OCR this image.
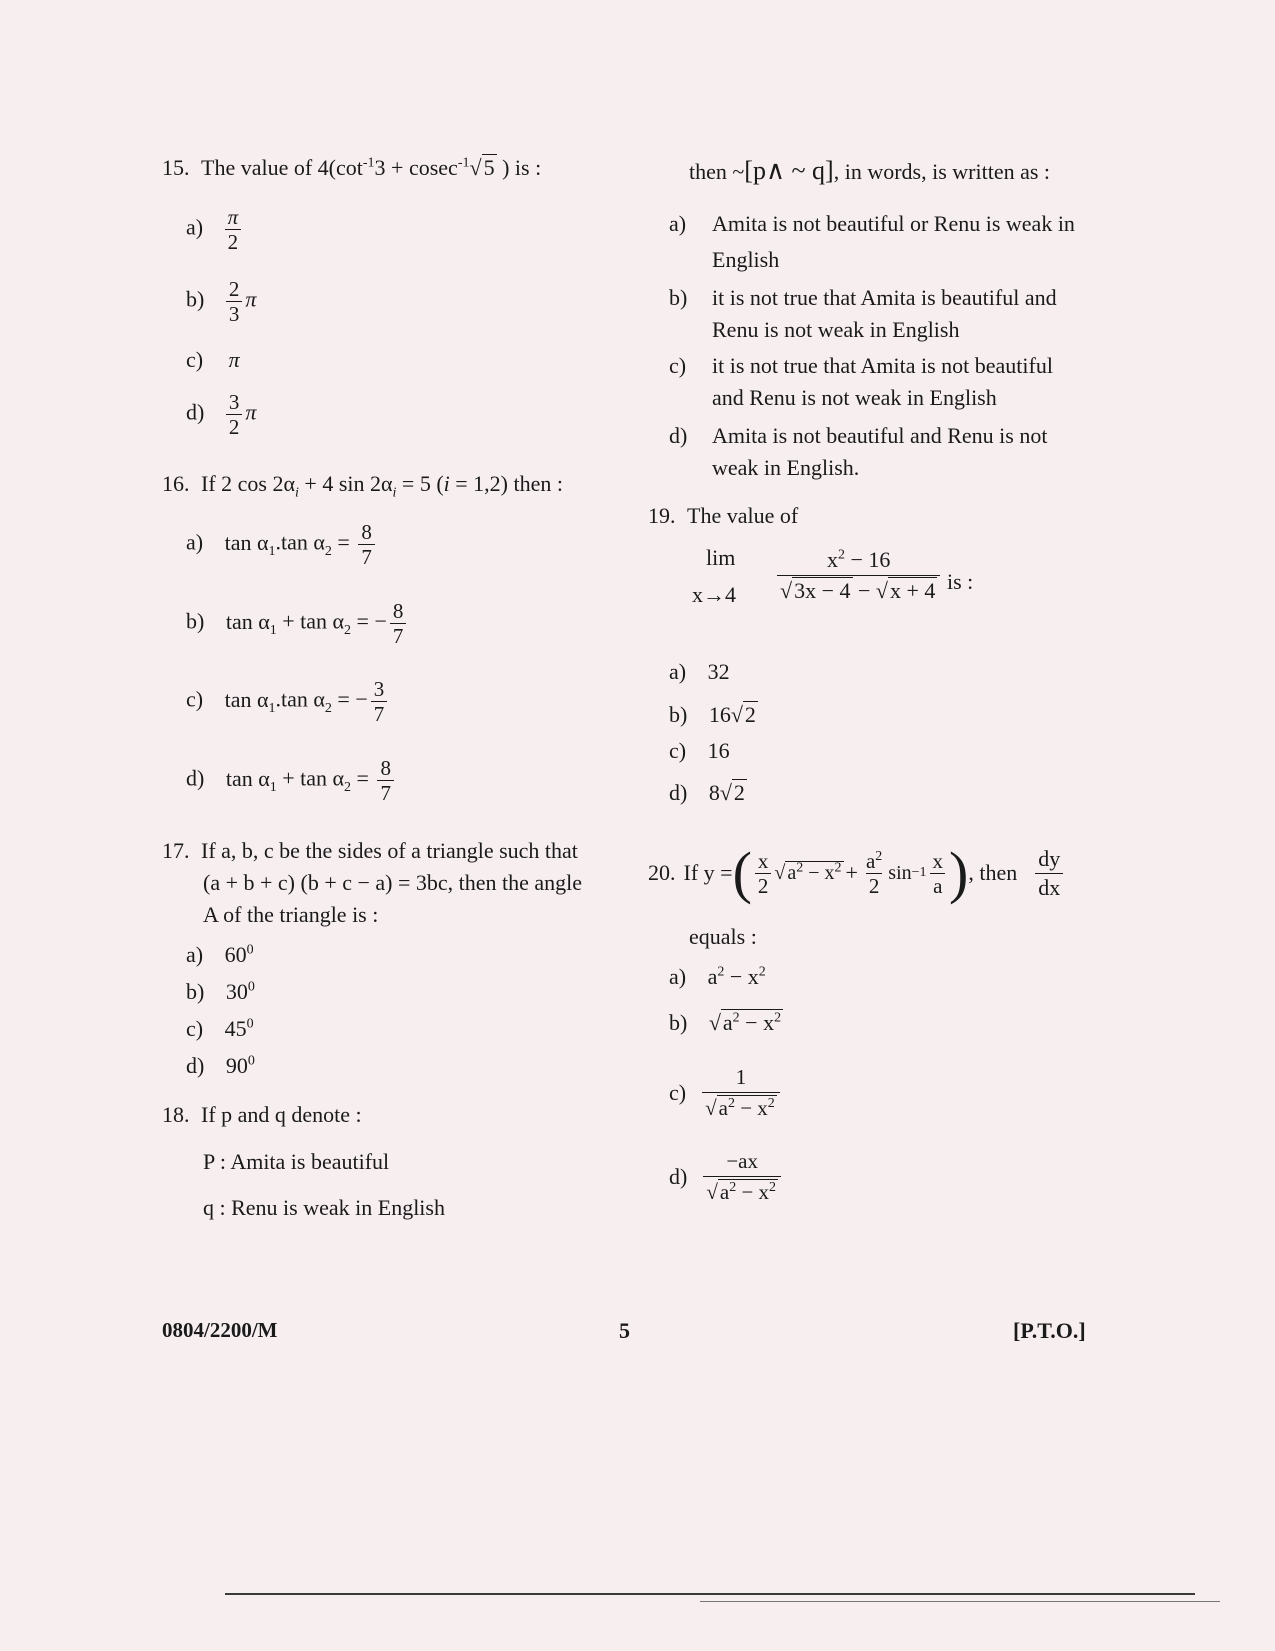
15. The value of $4(\cot^{-1}3 + cosec^{-1}√5$ ) is :
$a) \frac{\pi}{2}$
$b) \frac{2}{3}$ π
c) π
$d) \frac{3}{2}$ π
16. If 2 $\cos 2\alpha_i + 4$ $\sin 2\alpha_i = 5$ (i = 1,2) then :
a) $\tan \alpha_1.\tan$ $\alpha_2 = \frac{8}{7}$
b) $\tan \alpha_1 + \tan \alpha_2$ = − $\frac{8}{7}$
c) $\tan \alpha_1.\tan$ $\alpha_2$ = − $\frac{3}{7}$
d) $\tan \alpha_1 + \tan \alpha_2 = \frac{8}{7}$
17. If a, b, c be the sides of a triangle such that
(a + b + c) (b + c − a) = 3bc, then the angle
A of the triangle is :
a) $60^0$
b) $30^0$
c) $45^0$
d) $90^0$
18. If p and q denote :
P : Amita is beautiful
q : Renu is weak in English
then ~[p∧ ~ q], in words, is written as :
a) Amita is not beautiful or Renu is weak in
English
b) it is not true that Amita is beautiful and
Renu is not weak in English
c) it is not true that Amita is not beautiful
and Renu is not weak in English
d) Amita is not beautiful and Renu is not
weak in English.
19. The value of
lim
$x\to 4 \frac{x^2 - 16}{√3x - 4 - √x + 4}$ is :
a) 32
b) 16√2
c) 16
d) 8√2
20. If y = ( $\frac{x}{2}$ √ $a^2 - x^2 + \frac{a^2}{2}$ $\sin -1 \frac{x}{a}$ ) , then $\frac{dy}{dx}$
equals :
a) $a^2 - x^2$
b) $√a^2 - x^2$
$c) \frac{1}{√a^2 - x^2}$
$d) \frac{-ax}{√a^2 - x^2}$
0804/2200/M	5	[P.T.O.]
